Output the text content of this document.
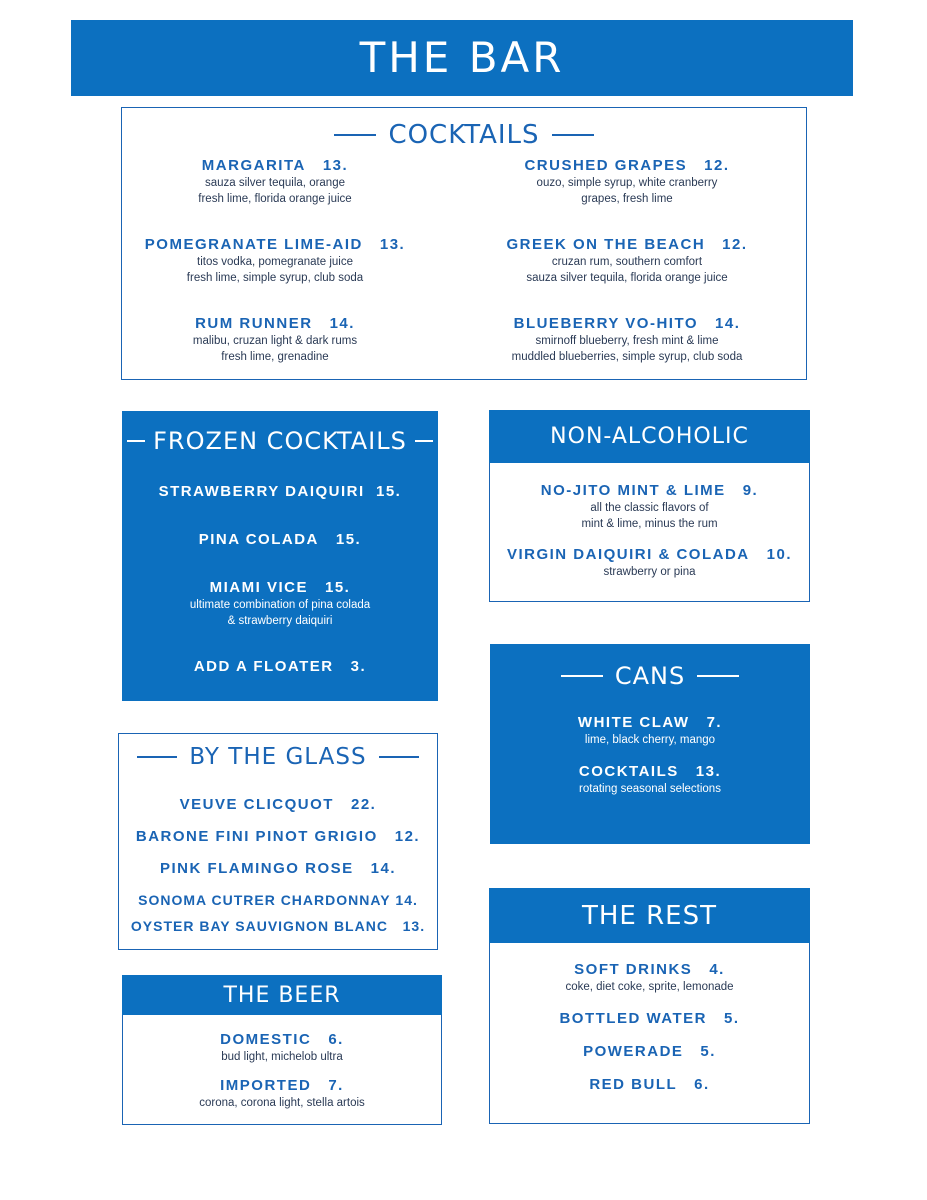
THE BAR
COCKTAILS
MARGARITA 13.
sauza silver tequila, orange
fresh lime, florida orange juice
POMEGRANATE LIME-AID 13.
titos vodka, pomegranate juice
fresh lime, simple syrup, club soda
RUM RUNNER 14.
malibu, cruzan light & dark rums
fresh lime, grenadine
CRUSHED GRAPES 12.
ouzo, simple syrup, white cranberry
grapes, fresh lime
GREEK ON THE BEACH 12.
cruzan rum, southern comfort
sauza silver tequila, florida orange juice
BLUEBERRY VO-HITO 14.
smirnoff blueberry, fresh mint & lime
muddled blueberries, simple syrup, club soda
FROZEN COCKTAILS
STRAWBERRY DAIQUIRI 15.
PINA COLADA 15.
MIAMI VICE 15.
ultimate combination of pina colada
& strawberry daiquiri
ADD A FLOATER 3.
NON-ALCOHOLIC
NO-JITO MINT & LIME 9.
all the classic flavors of
mint & lime, minus the rum
VIRGIN DAIQUIRI & COLADA 10.
strawberry or pina
CANS
WHITE CLAW 7.
lime, black cherry, mango
COCKTAILS 13.
rotating seasonal selections
BY THE GLASS
VEUVE CLICQUOT 22.
BARONE FINI PINOT GRIGIO 12.
PINK FLAMINGO ROSE 14.
SONOMA CUTRER CHARDONNAY 14.
OYSTER BAY SAUVIGNON BLANC 13.	THE REST
SOFT DRINKS 4.
coke, diet coke, sprite, lemonade
BOTTLED WATER 5.
POWERADE 5.
RED BULL 6.
THE BEER
DOMESTIC 6.
bud light, michelob ultra
IMPORTED 7.
corona, corona light, stella artois
